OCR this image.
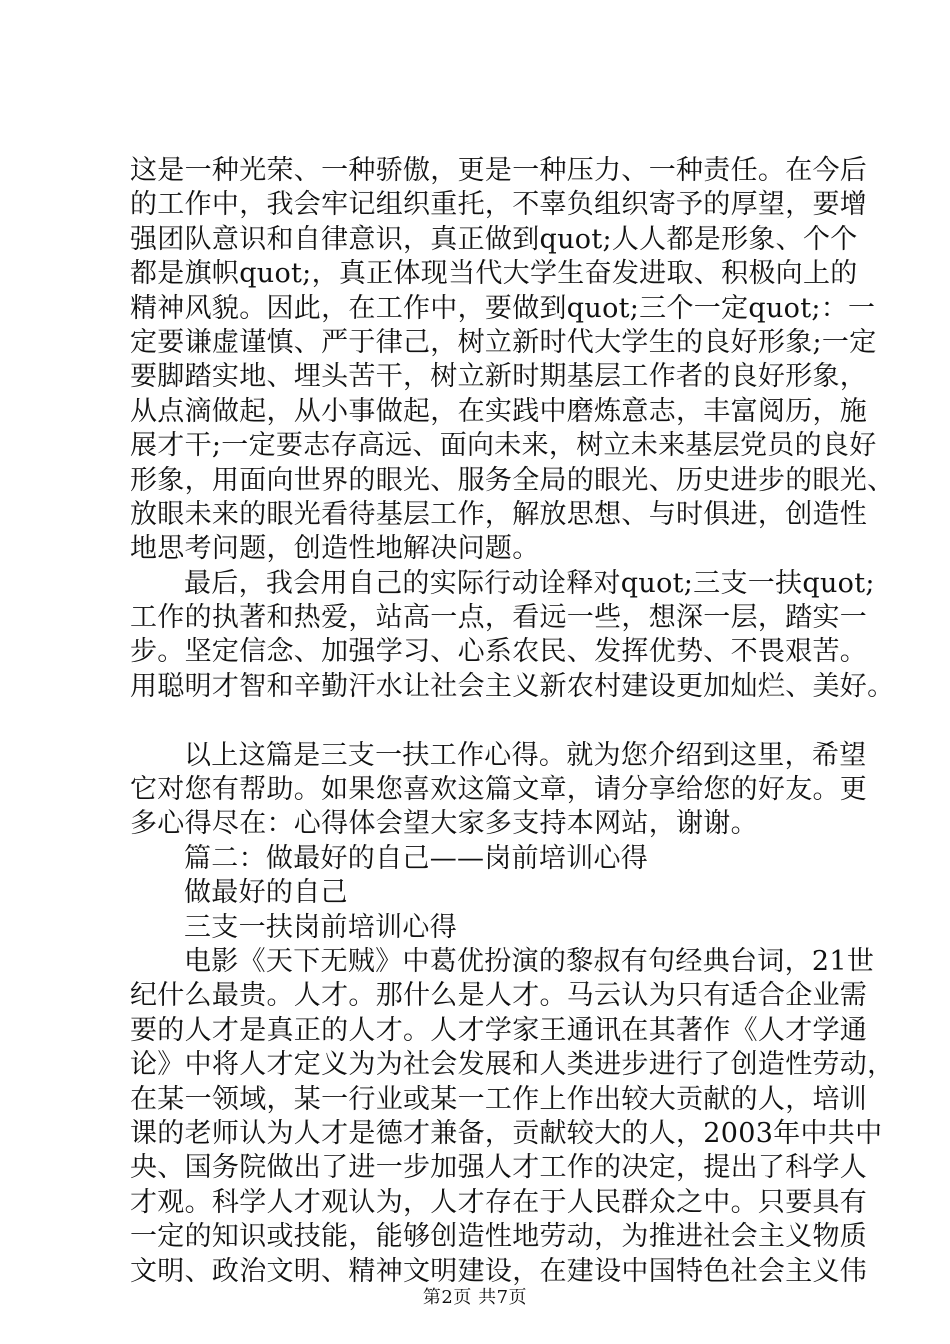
这是一种光荣、一种骄傲，更是一种压力、一种责任。在今后
的工作中，我会牢记组织重托，不辜负组织寄予的厚望，要增
强团队意识和自律意识，真正做到quot;人人都是形象、个个
都是旗帜quot;，真正体现当代大学生奋发进取、积极向上的
精神风貌。因此，在工作中，要做到quot;三个一定quot;：一
定要谦虚谨慎、严于律己，树立新时代大学生的良好形象;一定
要脚踏实地、埋头苦干，树立新时期基层工作者的良好形象，
从点滴做起，从小事做起，在实践中磨炼意志，丰富阅历，施
展才干;一定要志存高远、面向未来，树立未来基层党员的良好
形象，用面向世界的眼光、服务全局的眼光、历史进步的眼光、
放眼未来的眼光看待基层工作，解放思想、与时俱进，创造性
地思考问题，创造性地解决问题。
最后，我会用自己的实际行动诠释对quot;三支一扶quot;
工作的执著和热爱，站高一点，看远一些，想深一层，踏实一
步。坚定信念、加强学习、心系农民、发挥优势、不畏艰苦。
用聪明才智和辛勤汗水让社会主义新农村建设更加灿烂、美好。
以上这篇是三支一扶工作心得。就为您介绍到这里，希望
它对您有帮助。如果您喜欢这篇文章，请分享给您的好友。更
多心得尽在：心得体会望大家多支持本网站，谢谢。
篇二：做最好的自己——岗前培训心得
做最好的自己
三支一扶岗前培训心得
电影《天下无贼》中葛优扮演的黎叔有句经典台词，21世
纪什么最贵。人才。那什么是人才。马云认为只有适合企业需
要的人才是真正的人才。人才学家王通讯在其著作《人才学通
论》中将人才定义为为社会发展和人类进步进行了创造性劳动，
在某一领域，某一行业或某一工作上作出较大贡献的人，培训
课的老师认为人才是德才兼备，贡献较大的人，2003年中共中
央、国务院做出了进一步加强人才工作的决定，提出了科学人
才观。科学人才观认为，人才存在于人民群众之中。只要具有
一定的知识或技能，能够创造性地劳动，为推进社会主义物质
文明、政治文明、精神文明建设，在建设中国特色社会主义伟
第2页 共7页
